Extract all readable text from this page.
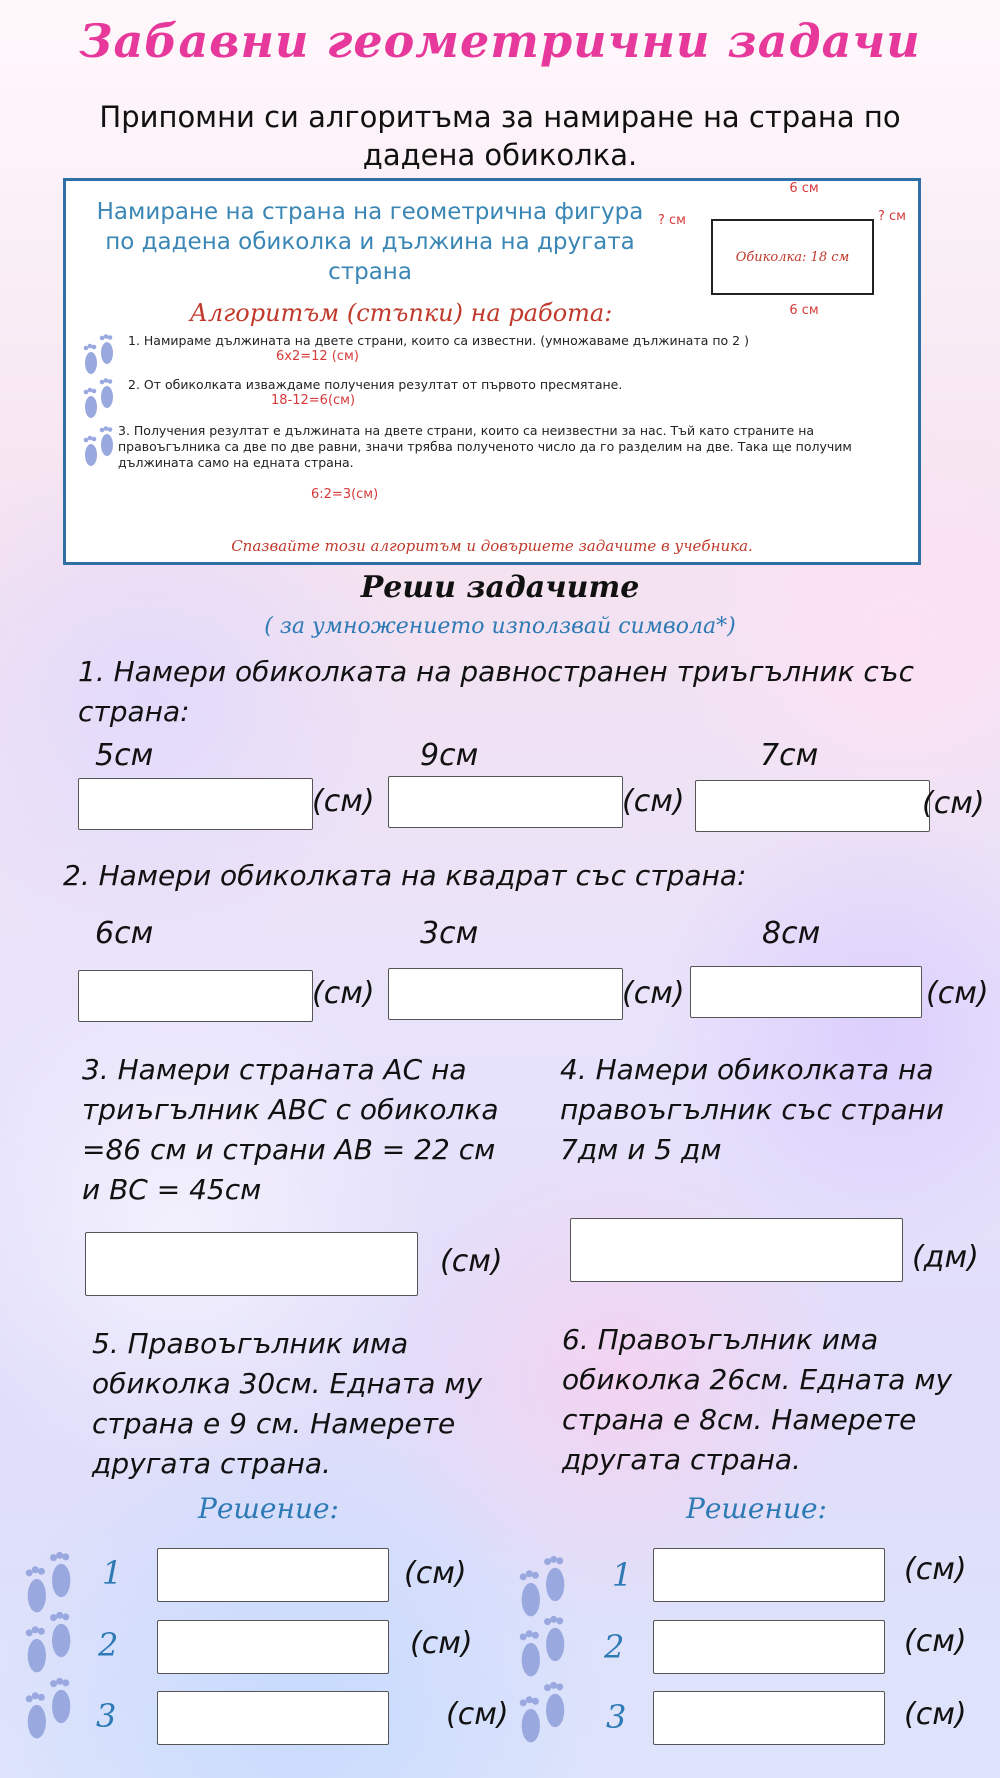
Забавни геометрични задачи
Припомни си алгоритъма за намиране на страна по дадена обиколка.
Намиране на страна на геометрична фигура по дадена обиколка и дължина на другата страна
6 см
? см
Обиколка: 18 см
? см
6 см
Алгоритъм (стъпки) на работа:
1. Намираме дължината на двете страни, които са известни. (умножаваме дължината по 2 )
6x2=12 (см)
2. От обиколката изваждаме получения резултат от първото пресмятане.
18-12=6(см)
3. Получения резултат е дължината на двете страни, които са неизвестни за нас. Тъй като страните на правоъгълника са две по две равни, значи трябва полученото число да го разделим на две. Така ще получим дължината само на едната страна.
6:2=3(см)
Спазвайте този алгоритъм и довършете задачите в учебника.
Реши задачите
( за умножението използвай символа*)
1. Намери обиколката на равностранен триъгълник със страна:
5см	9см	7см
(см)	(см)	(см)
2. Намери обиколката на квадрат със страна:
6см	3см	8см
(см)	(см)	(см)
3. Намери страната АС на триъгълник АВС с обиколка =86 см и страни АВ = 22 см и ВС = 45см
(см)
4. Намери обиколката на правоъгълник със страни 7дм и 5 дм
(дм)
5. Правоъгълник има обиколка 30см. Едната му страна е 9 см. Намерете другата страна.
Решение:
1	(см)
2	(см)
3	(см)
6. Правоъгълник има обиколка 26см. Едната му страна е 8см. Намерете другата страна.
Решение:
1	(см)
2	(см)
3	(см)
